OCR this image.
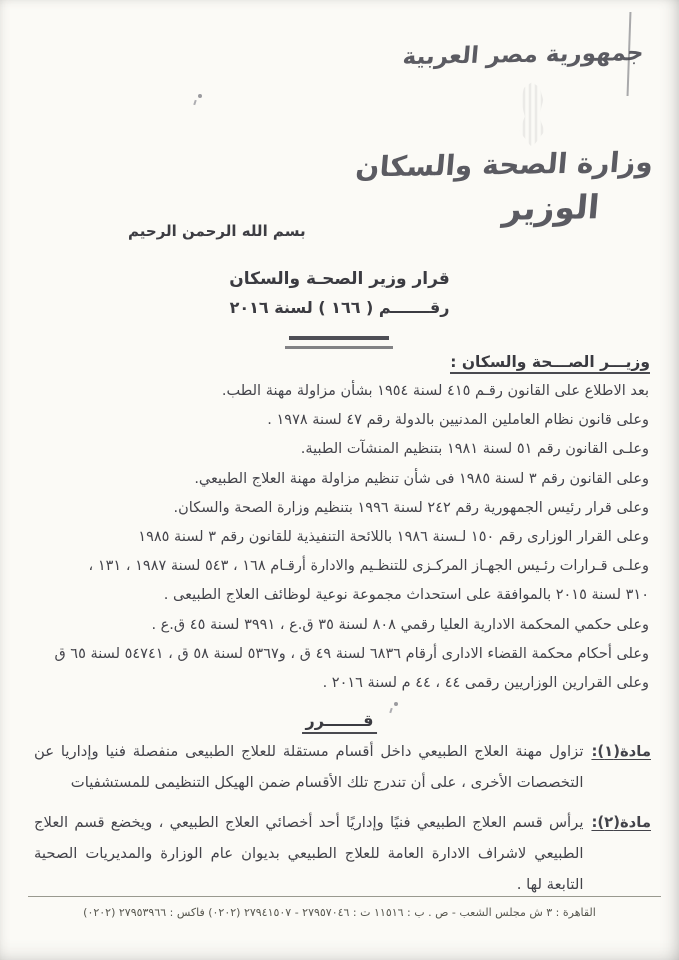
جمهورية مصر العربية
وزارة الصحة والسكان
الوزير
بسم الله الرحمن الرحيم
قرار وزير الصحـة والسكان
رقـــــــم ( ١٦٦ ) لسنة ٢٠١٦
وزيـــر الصـــحة والسكان :
بعد الاطلاع على القانون رقـم ٤١٥ لسنة ١٩٥٤ بشأن مزاولة مهنة الطب.
وعلى قانون نظام العاملين المدنيين بالدولة رقم ٤٧ لسنة ١٩٧٨ .
وعلـى القانون رقم ٥١ لسنة ١٩٨١ بتنظيم المنشآت الطبية.
وعلى القانون رقم ٣ لسنة ١٩٨٥ فى شأن تنظيم مزاولة مهنة العلاج الطبيعي.
وعلى قرار رئيس الجمهورية رقم ٢٤٢ لسنة ١٩٩٦ بتنظيم وزارة الصحة والسكان.
وعلى القرار الوزارى رقم ١٥٠ لـسنة ١٩٨٦ باللائحة التنفيذية للقانون رقم ٣ لسنة ١٩٨٥
وعلـى قـرارات رئـيس الجهـاز المركـزى للتنظـيم والادارة أرقـام ١٦٨ ، ٥٤٣ لسنة ١٩٨٧ ، ١٣١ ،
٣١٠ لسنة ٢٠١٥ بالموافقة على استحداث مجموعة نوعية لوظائف العلاج الطبيعى .
وعلى حكمي المحكمة الادارية العليا رقمي ٨٠٨ لسنة ٣٥ ق.ع ، ٣٩٩١ لسنة ٤٥ ق.ع .
وعلى أحكام محكمة القضاء الادارى أرقام ٦٨٣٦ لسنة ٤٩ ق ، و٥٣٦٧ لسنة ٥٨ ق ، ٥٤٧٤١ لسنة ٦٥ ق
وعلى القرارين الوزاريين رقمى ٤٤ ، ٤٤ م لسنة ٢٠١٦ .
قـــــــرر
مادة(١):
تزاول مهنة العلاج الطبيعي داخل أقسام مستقلة للعلاج الطبيعى منفصلة فنيا وإداريا عن التخصصات الأخرى ، على أن تندرج تلك الأقسام ضمن الهيكل التنظيمى للمستشفيات
مادة(٢):
يرأس قسم العلاج الطبيعي فنيًا وإداريًا أحد أخصائي العلاج الطبيعي ، ويخضع قسم العلاج الطبيعي لاشراف الادارة العامة للعلاج الطبيعي بديوان عام الوزارة والمديريات الصحية التابعة لها .
القاهرة : ٣ ش مجلس الشعب - ص . ب : ١١٥١٦ ت : ٢٧٩٥٧٠٤٦ - ٢٧٩٤١٥٠٧ (٠٢٠٢) فاكس : ٢٧٩٥٣٩٦٦ (٠٢٠٢)
